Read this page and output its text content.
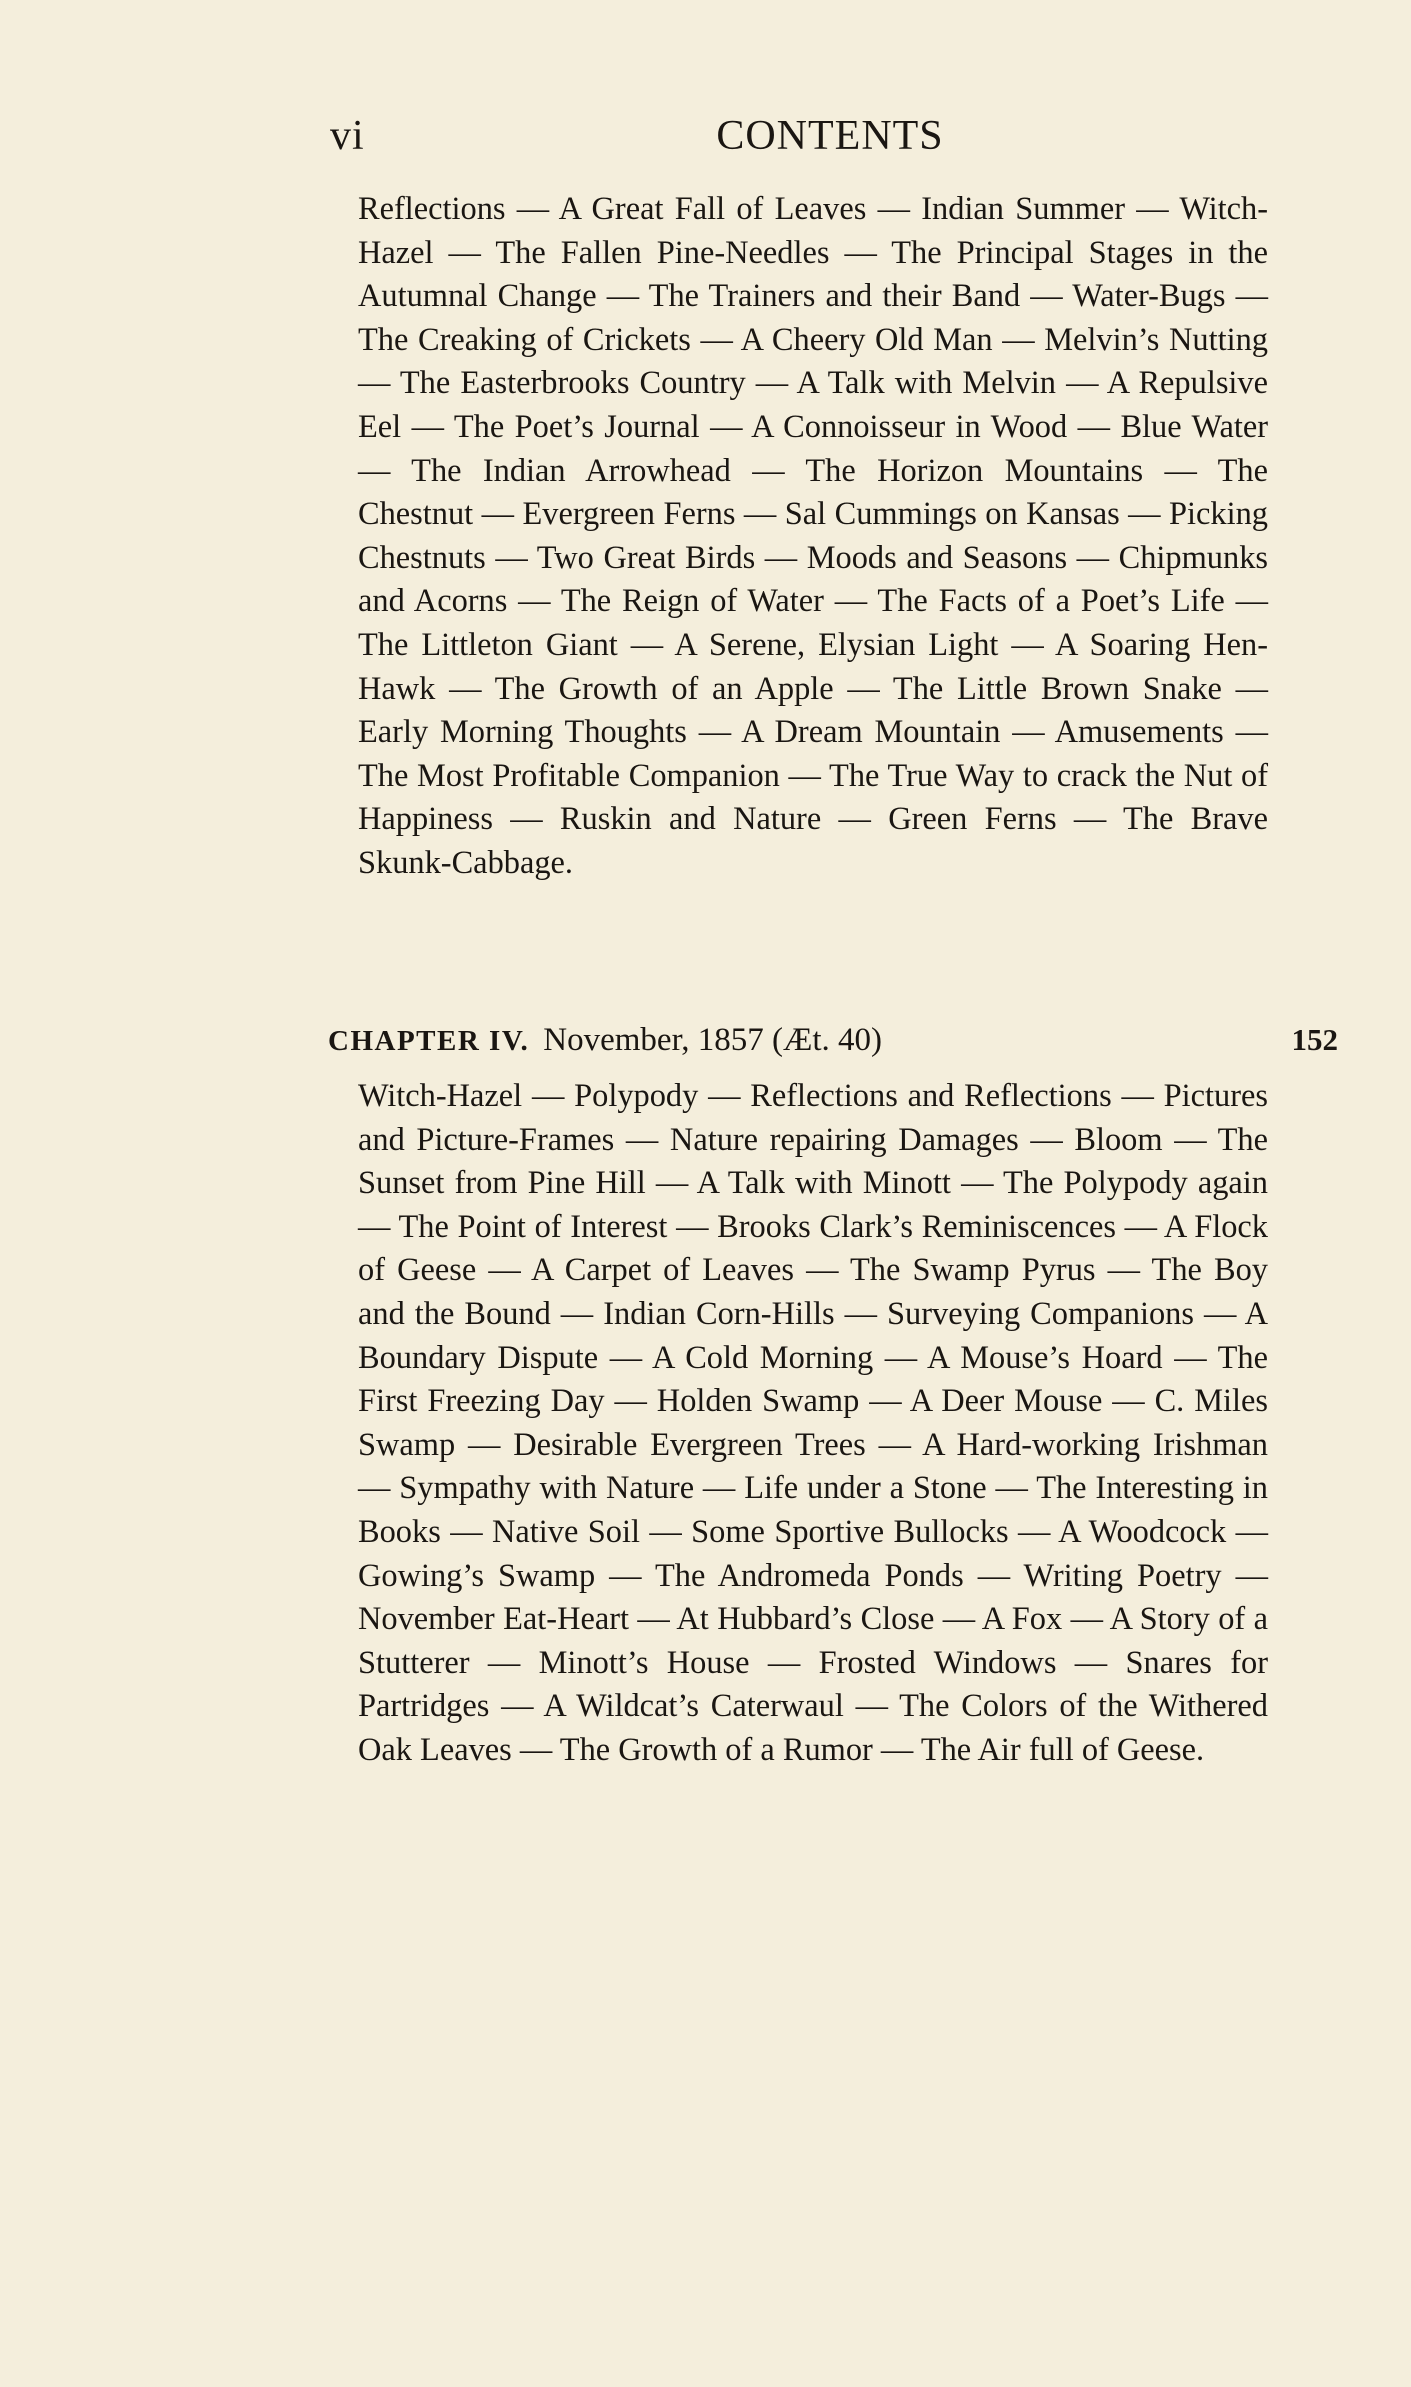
vi	CONTENTS

Reflections — A Great Fall of Leaves — Indian Summer — Witch-Hazel — The Fallen Pine-Needles — The Principal Stages in the Autumnal Change — The Trainers and their Band — Water-Bugs — The Creaking of Crickets — A Cheery Old Man — Melvin’s Nutting — The Easterbrooks Country — A Talk with Melvin — A Repulsive Eel — The Poet’s Journal — A Connoisseur in Wood — Blue Water — The Indian Arrowhead — The Horizon Mountains — The Chestnut — Evergreen Ferns — Sal Cummings on Kansas — Picking Chestnuts — Two Great Birds — Moods and Seasons — Chipmunks and Acorns — The Reign of Water — The Facts of a Poet’s Life — The Littleton Giant — A Serene, Elysian Light — A Soaring Hen-Hawk — The Growth of an Apple — The Little Brown Snake — Early Morning Thoughts — A Dream Mountain — Amusements — The Most Profitable Companion — The True Way to crack the Nut of Happiness — Ruskin and Nature — Green Ferns — The Brave Skunk-Cabbage.

CHAPTER IV. November, 1857 (Æt. 40)	152

Witch-Hazel — Polypody — Reflections and Reflections — Pictures and Picture-Frames — Nature repairing Damages — Bloom — The Sunset from Pine Hill — A Talk with Minott — The Polypody again — The Point of Interest — Brooks Clark’s Reminiscences — A Flock of Geese — A Carpet of Leaves — The Swamp Pyrus — The Boy and the Bound — Indian Corn-Hills — Surveying Companions — A Boundary Dispute — A Cold Morning — A Mouse’s Hoard — The First Freezing Day — Holden Swamp — A Deer Mouse — C. Miles Swamp — Desirable Evergreen Trees — A Hard-working Irishman — Sympathy with Nature — Life under a Stone — The Interesting in Books — Native Soil — Some Sportive Bullocks — A Woodcock — Gowing’s Swamp — The Andromeda Ponds — Writing Poetry — November Eat-Heart — At Hubbard’s Close — A Fox — A Story of a Stutterer — Minott’s House — Frosted Windows — Snares for Partridges — A Wildcat’s Caterwaul — The Colors of the Withered Oak Leaves — The Growth of a Rumor — The Air full of Geese.
